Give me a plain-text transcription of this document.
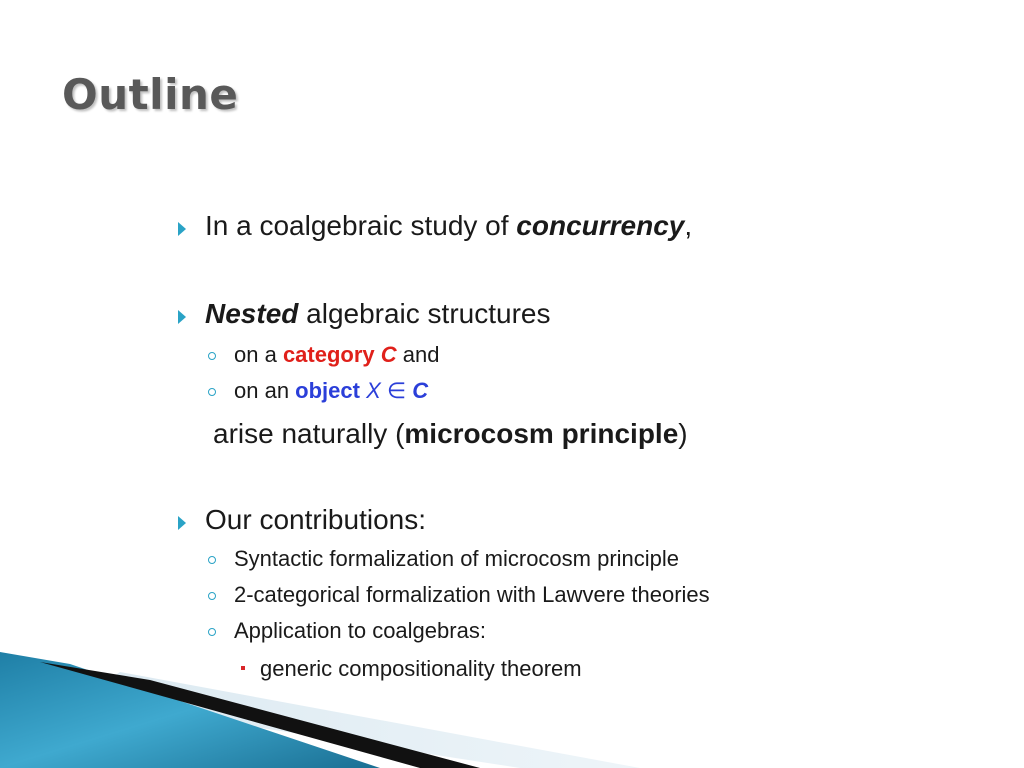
Outline
In a coalgebraic study of concurrency,
Nested algebraic structures
on a category C and
on an object X ∈ C
arise naturally (microcosm principle)
Our contributions:
Syntactic formalization of microcosm principle
2-categorical formalization with Lawvere theories
Application to coalgebras:
generic compositionality theorem
